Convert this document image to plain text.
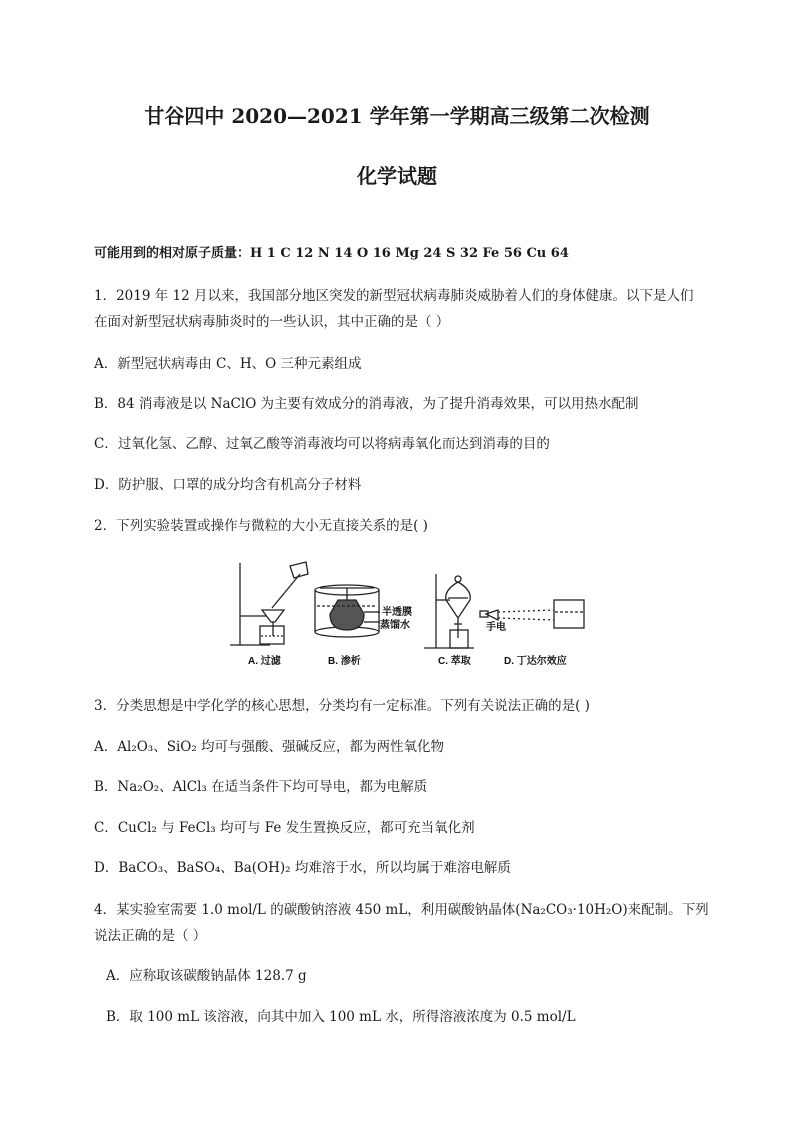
甘谷四中 2020—2021 学年第一学期高三级第二次检测
化学试题
可能用到的相对原子质量：H 1 C 12 N 14 O 16 Mg 24 S 32 Fe 56 Cu 64
1．2019 年 12 月以来，我国部分地区突发的新型冠状病毒肺炎威胁着人们的身体健康。以下是人们
在面对新型冠状病毒肺炎时的一些认识，其中正确的是（ ）
A．新型冠状病毒由 C、H、O 三种元素组成
B．84 消毒液是以 NaClO 为主要有效成分的消毒液，为了提升消毒效果，可以用热水配制
C．过氧化氢、乙醇、过氧乙酸等消毒液均可以将病毒氧化而达到消毒的目的
D．防护服、口罩的成分均含有机高分子材料
2．下列实验装置或操作与微粒的大小无直接关系的是( )
A. 过滤	B. 渗析	C. 萃取	D. 丁达尔效应
半透膜
蒸馏水	手电
3．分类思想是中学化学的核心思想，分类均有一定标准。下列有关说法正确的是( )
A．Al₂O₃、SiO₂ 均可与强酸、强碱反应，都为两性氧化物
B．Na₂O₂、AlCl₃ 在适当条件下均可导电，都为电解质
C．CuCl₂ 与 FeCl₃ 均可与 Fe 发生置换反应，都可充当氧化剂
D．BaCO₃、BaSO₄、Ba(OH)₂ 均难溶于水，所以均属于难溶电解质
4．某实验室需要 1.0 mol/L 的碳酸钠溶液 450 mL，利用碳酸钠晶体(Na₂CO₃·10H₂O)来配制。下列
说法正确的是（ ）
A．应称取该碳酸钠晶体 128.7 g
B．取 100 mL 该溶液，向其中加入 100 mL 水，所得溶液浓度为 0.5 mol/L
